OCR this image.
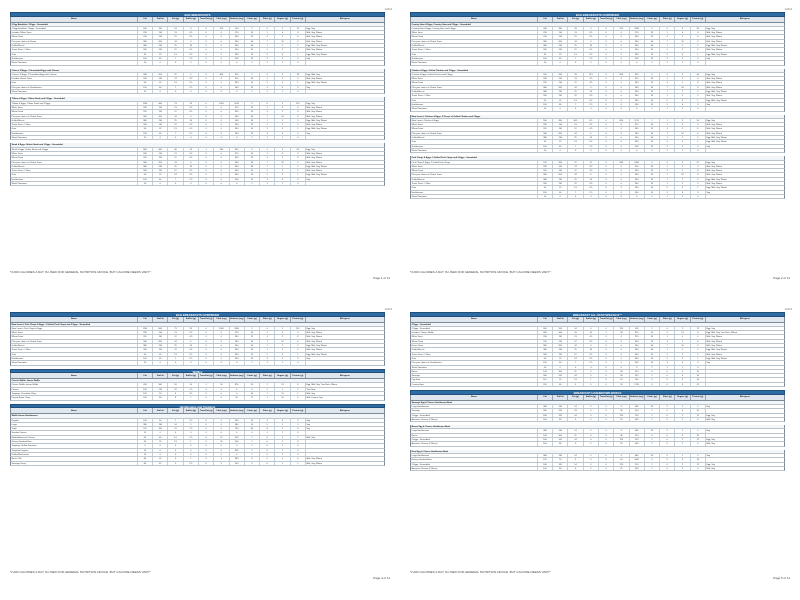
v20.2
EGG BREAKFASTS
Name	Cal	FatCal	Fat (g)	SatFat (g)	TransFat (g)	Chol (mg)	Sodium (mg)	Carbs (g)	Fiber (g)	Sugars (g)	Protein (g)	Allergens
2 Egg Breakfast: 2 Eggs - Scrambled
2 Egg Breakfast: 2 Eggs - Scrambled	180	120	14	4	0	370	120	2	0	2	12	Egg, Soy
Includes: White Toast	230	110	13	4.5	0	0	370	26	1	4	4	Milk, Soy, Wheat
Wheat Toast	210	110	12	4.5	0	0	330	23	4	2	8	Milk, Soy, Wheat
Plus your choice of: Bacon	300	200	24	6	0	0	260	34	7	16	6	Milk, Soy, Wheat
Grilled Biscuit	380	230	25	14	0	0	900	34	1	1	5	Egg, Milk, Soy, Wheat
Texas Toast - 1 Slice	200	110	12	4.5	0	0	300	35	1	2	5	Milk, Soy, Wheat
Grits	90	25	2.5	0.5	0	0	330	16	5	0	1	Egg, Milk, Soy, Wheat
Hashbrowns	190	60	7	2.5	0	0	240	29	3	0	3	Soy
Sliced Tomatoes	10	0	0	0	0	0	0	2	1	1	0
Cheese 'N Eggs: 2 Scrambled Eggs with Cheese
Cheese 'N Eggs: 2 Scrambled Eggs with Cheese	280	200	22	9	0	400	610	2	0	3	18	Egg, Milk, Soy
Includes: Bacon Toast	230	110	13	4.5	0	0	370	26	1	4	4	Milk, Soy, Wheat
Grits	90	25	2.5	0.5	0	0	330	16	5	0	1	Egg, Milk, Soy, Wheat
Plus your choice of: Hashbrowns	190	60	7	2.5	0	0	240	29	3	0	3	Soy
Sliced Tomatoes	10	0	0	0	0	0	0	2	1	1	0
T-Bone & Eggs: 1 Bone Steak and 2 Eggs - Scrambled
T-Bone & Eggs: 1 Bone Steak and 2 Eggs	1130	660	73	23	0	1010	1815	3	0	5	119	Egg, Soy
White Toast	230	110	13	4.5	0	0	370	26	1	4	4	Milk, Soy, Wheat
Wheat Toast	210	110	12	4.5	0	0	330	23	4	2	8	Milk, Soy, Wheat
Plus your choice of: Raisin Toast	300	200	24	6	0	0	260	34	7	16	6	Milk, Soy, Wheat
Grilled Biscuit	380	230	25	14	0	0	900	34	1	1	5	Egg, Milk, Soy, Wheat
Texas Toast - 1 Slice	200	110	12	4.5	0	0	300	35	1	2	5	Milk, Soy, Wheat
Grits	90	25	2.5	0.5	0	0	330	16	5	0	1	Egg, Milk, Soy, Wheat
Hashbrowns	190	60	7	2.5	0	0	240	29	3	0	3	Soy
Sliced Tomatoes	10	0	0	0	0	0	0	2	1	1	0
Steak & Eggs: Sirloin Steak and 2 Eggs - Scrambled
Steak & Eggs: Sirloin Steak and 2 Eggs	660	400	46	16	1	560	810	4	1	3	59	Egg, Soy
White Toast	230	110	13	4.5	0	0	370	26	1	4	4	Milk, Soy, Wheat
Wheat Toast	210	110	12	4.5	0	0	330	23	4	2	8	Milk, Soy, Wheat
Plus your choice of: Raisin Toast	300	200	24	6	0	0	260	34	7	16	6	Milk, Soy, Wheat
Grilled Biscuit	380	230	25	14	0	0	900	34	1	1	5	Egg, Milk, Soy, Wheat
Texas Toast - 1 Slice	200	110	12	4.5	0	0	300	35	1	2	5	Milk, Soy, Wheat
Grits	90	25	2.5	0.5	0	0	330	16	5	0	1	Egg, Milk, Soy, Wheat
Hashbrowns	190	60	7	2.5	0	0	240	29	3	0	3	Soy
Sliced Tomatoes	10	0	0	0	0	0	0	2	1	1	0
*2,000 CALORIES A DAY IS USED FOR GENERAL NUTRITION ADVICE, BUT CALORIE NEEDS VARY*
Page 1 of 11
v20.2
EGG BREAKFASTS CONTINUED
Name	Cal	FatCal	Fat (g)	SatFat (g)	TransFat (g)	Chol (mg)	Sodium (mg)	Carbs (g)	Fiber (g)	Sugars (g)	Protein (g)	Allergens
Country Ham & Eggs: Country Ham and 2 Eggs - Scrambled
Country Ham & Eggs: Country Ham and 2 Eggs	430	280	33	9	0	555	2335	5	0	3	83	Egg, Soy
White Toast	230	110	13	4.5	0	0	370	26	1	4	4	Milk, Soy, Wheat
Wheat Toast	210	110	12	4.5	0	0	330	23	4	2	8	Milk, Soy, Wheat
Plus your choice of: Raisin Toast	300	200	24	6	0	0	260	34	7	16	6	Milk, Soy, Wheat
Grilled Biscuit	380	230	25	14	0	0	900	34	1	1	5	Egg, Milk, Soy, Wheat
Texas Toast - 1 Slice	200	110	12	4.5	0	0	300	35	1	2	5	Milk, Soy, Wheat
Grits	90	25	2.5	0.5	0	0	330	16	5	0	1	Egg, Milk, Soy, Wheat
Hashbrowns	190	60	7	2.5	0	0	240	29	3	0	3	Soy
Sliced Tomatoes	10	0	0	0	0	0	0	2	1	1	0
Chicken & Eggs: Grilled Chicken and 2 Eggs - Scrambled
Chicken & Eggs: Grilled Chicken and 2 Eggs	510	310	33	12.5	0	800	335	3	0	3	46	Egg, Soy
White Toast	230	110	13	4.5	0	0	370	26	1	4	4	Milk, Soy, Wheat
Wheat Toast	210	110	12	4.5	0	0	330	23	4	2	8	Milk, Soy, Wheat
Plus your choice of: Raisin Toast	300	200	24	6	0	0	260	34	7	16	6	Milk, Soy, Wheat
Grilled Biscuit	380	230	25	14	0	0	900	34	1	1	5	Egg, Milk, Soy, Wheat
Texas Toast - 1 Slice	200	110	12	4.5	0	0	300	35	1	2	5	Milk, Soy, Wheat
Grits	90	25	2.5	0.5	0	0	330	16	5	0	1	Egg, Milk, Soy, Wheat
Hashbrowns	190	60	7	2.5	0	0	240	29	3	0	3	Soy
Sliced Tomatoes	10	0	0	0	0	0	0	2	1	1	0
Meat Lover's Chicken & Eggs: 2 Pieces of Grilled Chicken and 2 Eggs
Meat Lover's Chicken & Eggs	590	260	30.5	8.5	0	850	1175	1	1	3	54	Egg, Soy
White Toast	230	110	13	4.5	0	0	370	26	1	4	4	Milk, Soy, Wheat
Wheat Toast	210	110	12	4.5	0	0	330	23	4	2	8	Milk, Soy, Wheat
Plus your choice of: Raisin Toast	300	200	24	6	0	0	260	34	7	16	6	Milk, Soy, Wheat
Grilled Biscuit	380	230	25	14	0	0	900	34	1	1	5	Egg, Milk, Soy, Wheat
Grits	90	25	2.5	0.5	0	0	330	16	5	0	1	Egg, Milk, Soy, Wheat
Hashbrowns	190	60	7	2.5	0	0	240	29	3	0	3	Soy
Sliced Tomatoes	10	0	0	0	0	0	0	2	1	1	0
Pork Chops & Eggs: 2 Grilled Pork Chops and 2 Eggs - Scrambled
Pork Chops & Eggs: 2 Grilled Pork Chops	570	320	37	11	0	840	1960	3	0	3	57	Egg, Soy
White Toast	230	110	13	4.5	0	0	370	26	1	4	4	Milk, Soy, Wheat
Wheat Toast	210	110	12	4.5	0	0	330	23	4	2	8	Milk, Soy, Wheat
Plus your choice of: Raisin Toast	300	200	24	6	0	0	260	34	7	16	6	Milk, Soy, Wheat
Grilled Biscuit	380	230	25	14	0	0	900	34	1	1	5	Egg, Milk, Soy, Wheat
Texas Toast - 1 Slice	200	110	12	4.5	0	0	300	35	1	2	5	Milk, Soy, Wheat
Grits	90	25	2.5	0.5	0	0	330	16	5	0	1	Egg, Milk, Soy, Wheat
Hashbrowns	190	60	7	2.5	0	0	240	29	3	0	3	Soy
Sliced Tomatoes	10	0	0	0	0	0	0	2	1	1	0
*2,000 CALORIES A DAY IS USED FOR GENERAL NUTRITION ADVICE, BUT CALORIE NEEDS VARY*
Page 2 of 11
v20.2
EGG BREAKFASTS CONTINUED
Name	Cal	FatCal	Fat (g)	SatFat (g)	TransFat (g)	Chol (mg)	Sodium (mg)	Carbs (g)	Fiber (g)	Sugars (g)	Protein (g)	Allergens
Meat Lover's Pork Chops & Eggs: 3 Grilled Pork Chops and 2 Eggs - Scrambled
Meat Lover's Pork Chops & Eggs	1190	660	73	23	0	1010	1835	3	0	5	119	Egg, Soy
White Toast	230	110	13	4.5	0	0	370	26	1	4	4	Milk, Soy, Wheat
Wheat Toast	210	110	12	4.5	0	0	330	23	4	2	8	Milk, Soy, Wheat
Plus your choice of: Raisin Toast	300	200	24	6	0	0	260	34	7	16	6	Milk, Soy, Wheat
Grilled Biscuit	380	230	25	14	0	0	900	34	1	1	5	Egg, Milk, Soy, Wheat
Texas Toast - 1 Slice	200	110	12	4.5	0	0	300	35	1	2	5	Milk, Soy, Wheat
Grits	90	25	2.5	0.5	0	0	330	16	5	0	1	Egg, Milk, Soy, Wheat
Hashbrowns	190	60	7	2.5	0	0	240	29	3	0	3	Soy
Sliced Tomatoes	10	0	0	0	0	0	0	2	1	1	0
Waffles
Name	Cal	FatCal	Fat (g)	SatFat (g)	TransFat (g)	Chol (mg)	Sodium (mg)	Carbs (g)	Fiber (g)	Sugars (g)	Protein (g)	Allergens
Classic Waffle: House Waffle
Classic Waffle: House Waffle	410	160	18	10	1	50	870	53	2	13	8	Egg, Milk, Soy, Tree Nuts, Wheat
Pecans	190	170	19	1.5	0	0	0	3	2	1	2	Tree Nuts
Toppings: Chocolate Chips	120	50	6	3.5	0	0	0	16	1	13	1	Milk, Soy
Peanut Butter Chips	150	80	8	7	0	0	95	17	1	16	3	Milk, Peanut, Soy
Hashbrowns and Toppings
Name	Cal	FatCal	Fat (g)	SatFat (g)	TransFat (g)	Chol (mg)	Sodium (mg)	Carbs (g)	Fiber (g)	Sugars (g)	Protein (g)	Allergens
Waffle House Hashbrowns
Regular	190	60	7	2.5	0	0	240	29	3	0	3	Soy
Large	380	130	14	5	0	0	480	59	5	1	5	Soy
Triple	570	190	21	7.5	0	0	730	89	8	1	8	Soy
Sautéed Onions	15	0	0	0	0	0	0	4	1	1	0
Melted American Cheese	50	40	4.5	2.5	0	15	250	2	0	1	2	Milk, Soy
Hickory Smoked Ham	60	20	2.5	1	0	20	500	1	0	1	8
Toppings: Grilled Tomatoes	5	0	0	0	0	0	0	1	0	1	0
Jalapeño Peppers	10	0	0	0	0	0	390	2	0	1	0
Grilled Mushrooms	10	0	0	0	0	0	0	1	0	1	0
Bert's Chili	80	25	3	1	0	5	380	8	0	1	6	Milk, Soy, Wheat
Sausage Gravy	80	45	5	1.5	0	5	410	4	0	1	2	Milk, Soy, Wheat
*2,000 CALORIES A DAY IS USED FOR GENERAL NUTRITION ADVICE, BUT CALORIE NEEDS VARY*
Page 4 of 11
v20.2
BREAKFAST ALL-STAR SPECIALS™
Name	Cal	FatCal	Fat (g)	SatFat (g)	TransFat (g)	Chol (mg)	Sodium (mg)	Carbs (g)	Fiber (g)	Sugars (g)	Protein (g)	Allergens
2 Eggs - Scrambled
2 Eggs - Scrambled	180	120	14	4	0	370	120	2	0	2	12	Egg, Soy
Includes: Classic Waffle	410	160	18	10	1	50	870	53	2	13	8	Egg, Milk, Soy, Tree Nuts, Wheat
White Toast	230	110	13	4.5	0	0	370	26	1	4	4	Milk, Soy, Wheat
Wheat Toast	210	110	12	4.5	0	0	330	23	4	2	8	Milk, Soy, Wheat
Raisin Toast	300	200	24	6	0	0	260	34	7	16	6	Milk, Soy, Wheat
Grilled Biscuit	380	230	25	14	0	0	900	34	1	1	5	Egg, Milk, Soy, Wheat
Texas Toast - 1 Slice	200	110	12	4.5	0	0	300	35	1	2	5	Milk, Soy, Wheat
Grits	90	25	2.5	0.5	0	0	330	16	5	0	1	Egg, Milk, Soy, Wheat
Plus your choice of: Hashbrowns	190	60	7	2.5	0	0	240	29	3	0	3	Soy
Sliced Tomatoes	10	0	0	0	0	0	0	2	1	1	0
Bacon	140	100	11	4	0	30	510	0	0	0	10
Sausage	260	220	24	9	0	50	510	1	0	0	10
City Ham	110	35	2.5	1	0	50	740	3	0	0	16
Country Ham	210	80	9	3	0	95	1720	0	0	0	32
BREAKFAST HASHBROWN BOWLS
Name	Cal	FatCal	Fat (g)	SatFat (g)	TransFat (g)	Chol (mg)	Sodium (mg)	Carbs (g)	Fiber (g)	Sugars (g)	Protein (g)	Allergens
Sausage Egg & Cheese Hashbrown Bowl
Large Hashbrowns	380	130	14	5	0	0	480	59	5	1	5	Soy
Sausage	260	220	24	9	0	50	510	1	0	0	10
2 Eggs - Scrambled	180	120	14	4	0	370	120	2	0	2	12	Egg, Soy
American Cheese (2 Slices)	100	80	9	5	0	25	500	2	0	2	6	Milk, Soy
Bacon Egg & Cheese Hashbrown Bowl
Large Hashbrowns	380	130	14	5	0	0	480	59	5	1	5	Soy
Bacon	140	100	11	4	0	30	510	0	0	0	10
2 Eggs - Scrambled	180	120	14	4	0	370	120	2	0	2	12	Egg, Soy
American Cheese (2 Slices)	100	80	9	5	0	25	500	2	0	2	6	Milk, Soy
Ham Egg & Cheese Hashbrown Bowl
Large Hashbrowns	380	130	14	5	0	0	480	59	5	1	5	Soy
Hickory Smoked Ham	120	20	3	0	0	50	1000	4	0	4	18
2 Eggs - Scrambled	180	120	14	4	0	370	120	2	0	2	12	Egg, Soy
American Cheese (2 Slices)	100	80	9	5	0	25	500	2	0	2	6	Milk, Soy
*2,000 CALORIES A DAY IS USED FOR GENERAL NUTRITION ADVICE, BUT CALORIE NEEDS VARY*
Page 5 of 11
